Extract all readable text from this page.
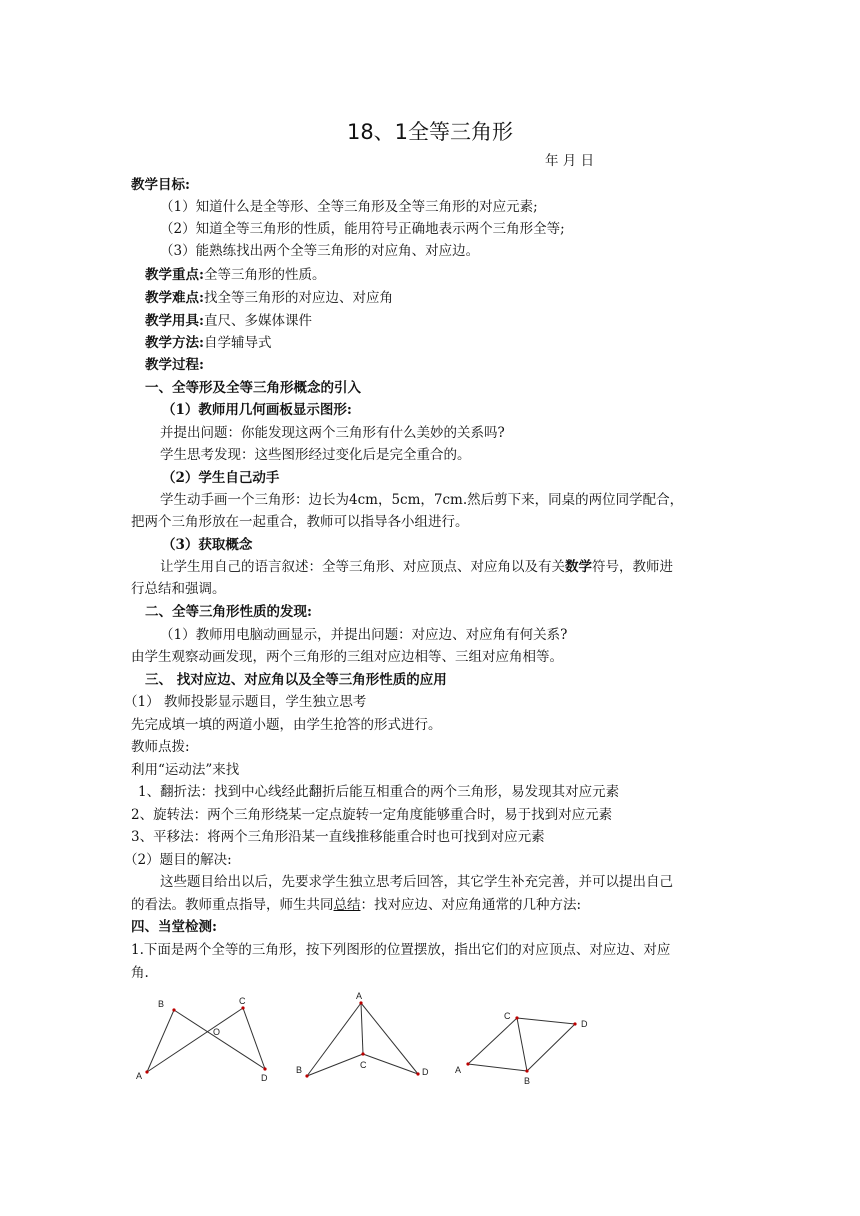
18、1全等三角形
年 月 日
教学目标:
（1）知道什么是全等形、全等三角形及全等三角形的对应元素;
（2）知道全等三角形的性质，能用符号正确地表示两个三角形全等;
（3）能熟练找出两个全等三角形的对应角、对应边。
教学重点:全等三角形的性质。
教学难点:找全等三角形的对应边、对应角
教学用具:直尺、多媒体课件
教学方法:自学辅导式
教学过程:
一、全等形及全等三角形概念的引入
（1）教师用几何画板显示图形:
并提出问题：你能发现这两个三角形有什么美妙的关系吗?
学生思考发现：这些图形经过变化后是完全重合的。
（2）学生自己动手
学生动手画一个三角形：边长为4cm，5cm，7cm.然后剪下来，同桌的两位同学配合，
把两个三角形放在一起重合，教师可以指导各小组进行。
（3）获取概念
让学生用自己的语言叙述：全等三角形、对应顶点、对应角以及有关数学符号，教师进
行总结和强调。
二、全等三角形性质的发现:
（1）教师用电脑动画显示，并提出问题：对应边、对应角有何关系?
由学生观察动画发现，两个三角形的三组对应边相等、三组对应角相等。
三、 找对应边、对应角以及全等三角形性质的应用
（1） 教师投影显示题目，学生独立思考
先完成填一填的两道小题，由学生抢答的形式进行。
教师点拨:
利用“运动法”来找
1、翻折法：找到中心线经此翻折后能互相重合的两个三角形，易发现其对应元素
2、旋转法：两个三角形绕某一定点旋转一定角度能够重合时，易于找到对应元素
3、平移法：将两个三角形沿某一直线推移能重合时也可找到对应元素
（2）题目的解决:
这些题目给出以后，先要求学生独立思考后回答，其它学生补充完善，并可以提出自己
的看法。教师重点指导，师生共同总结：找对应边、对应角通常的几种方法:
四、当堂检测:
1.下面是两个全等的三角形，按下列图形的位置摆放，指出它们的对应顶点、对应边、对应
角.
A
B	C
D
O
A
B	C
D
C
D
A
B
